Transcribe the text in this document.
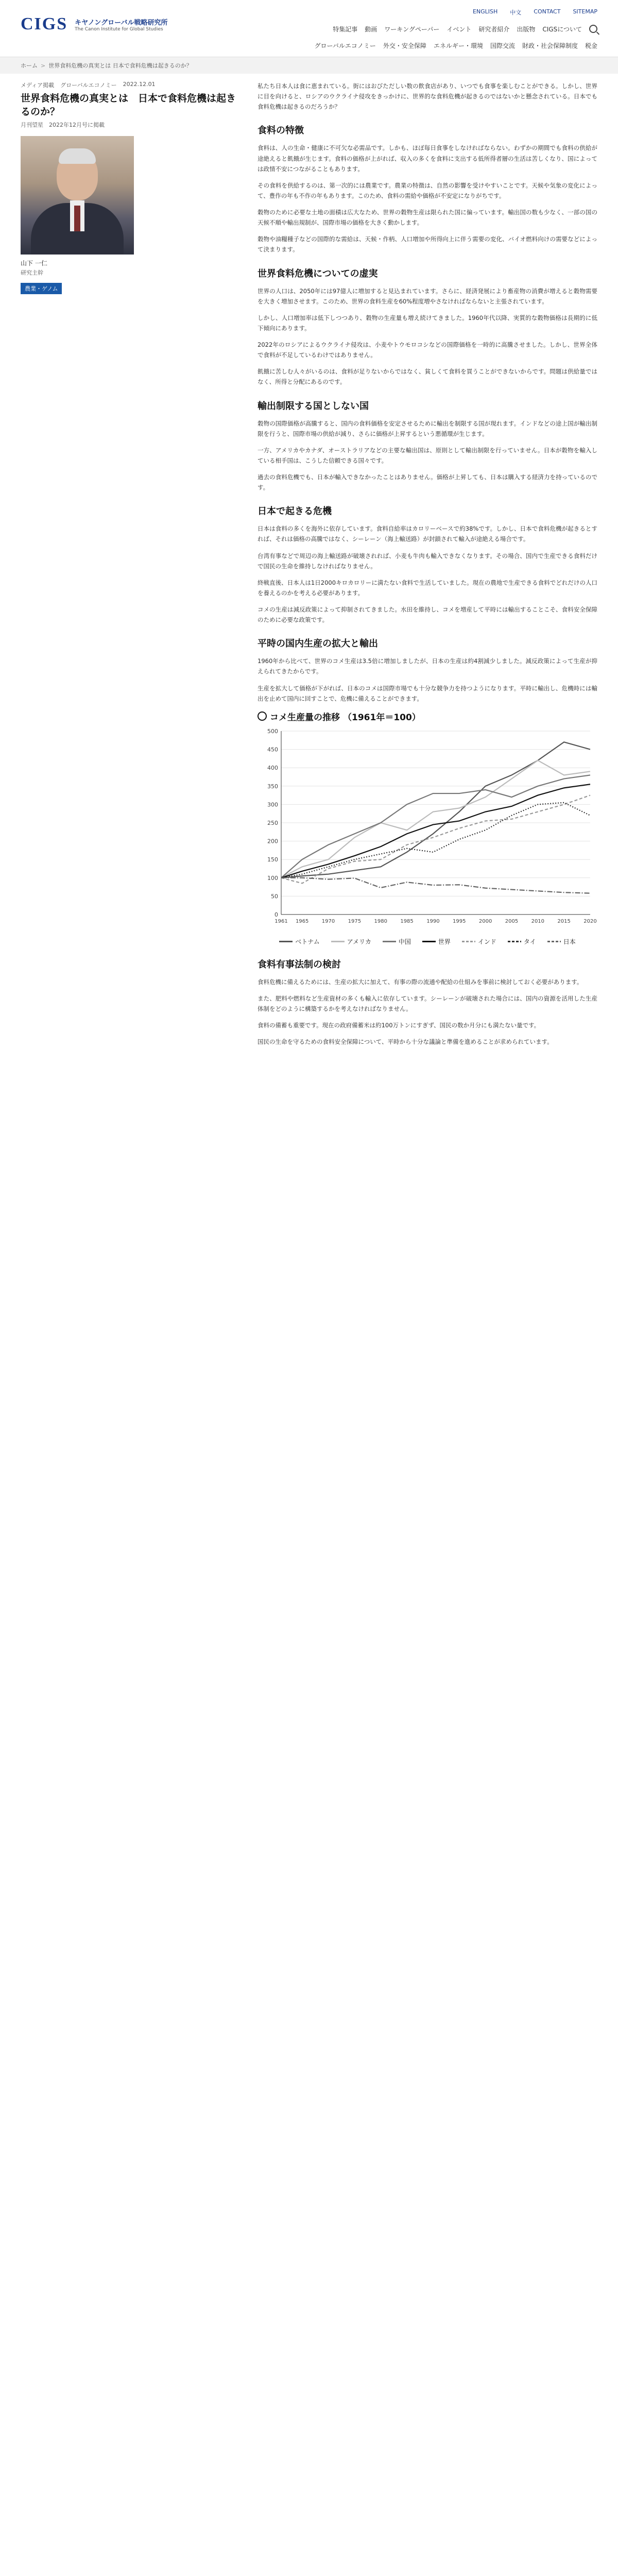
CIGS キヤノングローバル戦略研究所
The Canon Institute for Global Studies
ENGLISH 中文 CONTACT SITEMAP
特集記事 動画 ワーキングペーパー イベント 研究者紹介 出版物 CIGSについて
グローバルエコノミー 外交・安全保障 エネルギー・環境 国際交流 財政・社会保障制度 税金
ホーム > 世界食料危機の真実とは 日本で食料危機は起きるのか？
メディア掲載 グローバルエコノミー 2022.12.01
世界食料危機の真実とは　日本で食料危機は起きるのか？
月刊望星　2022年12月号に掲載
山下 一仁
研究主幹
農業・ゲノム

私たち日本人は食に恵まれている。街にはおびただしい数の飲食店があり、いつでも食事を楽しむことができる。しかし、世界に目を向けると、ロシアのウクライナ侵攻をきっかけに、世界的な食料危機が起きるのではないかと懸念されている。日本でも食料危機は起きるのだろうか？

食料の特徴

食料は、人の生命・健康に不可欠な必需品です。しかも、ほぼ毎日食事をしなければならない。わずかの期間でも食料の供給が途絶えると飢餓が生じます。食料の価格が上がれば、収入の多くを食料に支出する低所得者層の生活は苦しくなり、国によっては政情不安につながることもあります。

その食料を供給するのは、第一次的には農業です。農業の特徴は、自然の影響を受けやすいことです。天候や気象の変化によって、豊作の年も不作の年もあります。このため、食料の需給や価格が不安定になりがちです。

穀物のために必要な土地の面積は広大なため、世界の穀物生産は限られた国に偏っています。輸出国の数も少なく、一部の国の天候不順や輸出規制が、国際市場の価格を大きく動かします。

穀物や油糧種子などの国際的な需給は、天候・作柄、人口増加や所得向上に伴う需要の変化、バイオ燃料向けの需要などによって決まります。

世界食料危機についての虚実

世界の人口は、2050年には97億人に増加すると見込まれています。さらに、経済発展により畜産物の消費が増えると穀物需要を大きく増加させます。このため、世界の食料生産を60%程度増やさなければならないと主張されています。

しかし、人口増加率は低下しつつあり、穀物の生産量も増え続けてきました。1960年代以降、実質的な穀物価格は長期的に低下傾向にあります。

2022年のロシアによるウクライナ侵攻は、小麦やトウモロコシなどの国際価格を一時的に高騰させました。しかし、世界全体で食料が不足しているわけではありません。

飢餓に苦しむ人々がいるのは、食料が足りないからではなく、貧しくて食料を買うことができないからです。問題は供給量ではなく、所得と分配にあるのです。

輸出制限する国としない国

穀物の国際価格が高騰すると、国内の食料価格を安定させるために輸出を制限する国が現れます。インドなどの途上国が輸出制限を行うと、国際市場の供給が減り、さらに価格が上昇するという悪循環が生じます。

一方、アメリカやカナダ、オーストラリアなどの主要な輸出国は、原則として輸出制限を行っていません。日本が穀物を輸入している相手国は、こうした信頼できる国々です。

過去の食料危機でも、日本が輸入できなかったことはありません。価格が上昇しても、日本は購入する経済力を持っているのです。

日本で起きる危機

日本は食料の多くを海外に依存しています。食料自給率はカロリーベースで約38%です。しかし、日本で食料危機が起きるとすれば、それは価格の高騰ではなく、シーレーン（海上輸送路）が封鎖されて輸入が途絶える場合です。

台湾有事などで周辺の海上輸送路が破壊されれば、小麦も牛肉も輸入できなくなります。その場合、国内で生産できる食料だけで国民の生命を維持しなければなりません。

終戦直後、日本人は1日2000キロカロリーに満たない食料で生活していました。現在の農地で生産できる食料でどれだけの人口を養えるのかを考える必要があります。

コメの生産は減反政策によって抑制されてきました。水田を維持し、コメを増産して平時には輸出することこそ、食料安全保障のために必要な政策です。

平時の国内生産の拡大と輸出

1960年から比べて、世界のコメ生産は3.5倍に増加しましたが、日本の生産は約4割減少しました。減反政策によって生産が抑えられてきたからです。

生産を拡大して価格が下がれば、日本のコメは国際市場でも十分な競争力を持つようになります。平時に輸出し、危機時には輸出を止めて国内に回すことで、危機に備えることができます。

コメ生産量の推移 （1961年＝100）
0
50
100
150
200
250
300
350
400
450
500
1961 1965	1970	1975	1980	1985	1990	1995	2000	2005	2010	2015	2020
ベトナム	アメリカ	中国	世界	インド	タイ	日本
食料有事法制の検討

食料危機に備えるためには、生産の拡大に加えて、有事の際の流通や配給の仕組みを事前に検討しておく必要があります。

また、肥料や燃料など生産資材の多くも輸入に依存しています。シーレーンが破壊された場合には、国内の資源を活用した生産体制をどのように構築するかを考えなければなりません。

食料の備蓄も重要です。現在の政府備蓄米は約100万トンにすぎず、国民の数か月分にも満たない量です。

国民の生命を守るための食料安全保障について、平時から十分な議論と準備を進めることが求められています。
